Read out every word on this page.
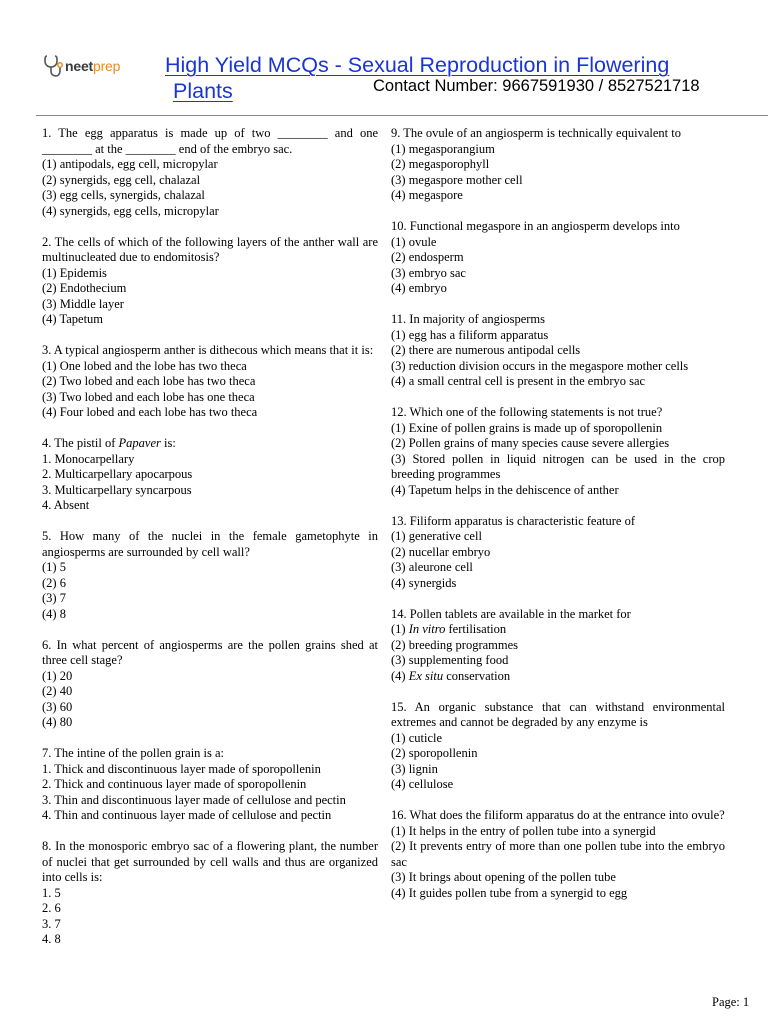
neet prep High Yield MCQs - Sexual Reproduction in Flowering
Plants	Contact Number: 9667591930 / 8527521718
1. The egg apparatus is made up of two ________ and one ________ at the ________ end of the embryo sac.
(1) antipodals, egg cell, micropylar
(2) synergids, egg cell, chalazal
(3) egg cells, synergids, chalazal
(4) synergids, egg cells, micropylar
2. The cells of which of the following layers of the anther wall are multinucleated due to endomitosis?
(1) Epidemis
(2) Endothecium
(3) Middle layer
(4) Tapetum
3. A typical angiosperm anther is dithecous which means that it is:
(1) One lobed and the lobe has two theca
(2) Two lobed and each lobe has two theca
(3) Two lobed and each lobe has one theca
(4) Four lobed and each lobe has two theca
4. The pistil of Papaver is:
1. Monocarpellary
2. Multicarpellary apocarpous
3. Multicarpellary syncarpous
4. Absent
5. How many of the nuclei in the female gametophyte in angiosperms are surrounded by cell wall?
(1) 5
(2) 6
(3) 7
(4) 8
6. In what percent of angiosperms are the pollen grains shed at three cell stage?
(1) 20
(2) 40
(3) 60
(4) 80
7. The intine of the pollen grain is a:
1. Thick and discontinuous layer made of sporopollenin
2. Thick and continuous layer made of sporopollenin
3. Thin and discontinuous layer made of cellulose and pectin
4. Thin and continuous layer made of cellulose and pectin
8. In the monosporic embryo sac of a flowering plant, the number of nuclei that get surrounded by cell walls and thus are organized into cells is:
1. 5
2. 6
3. 7
4. 8
9. The ovule of an angiosperm is technically equivalent to
(1) megasporangium
(2) megasporophyll
(3) megaspore mother cell
(4) megaspore
10. Functional megaspore in an angiosperm develops into
(1) ovule
(2) endosperm
(3) embryo sac
(4) embryo
11. In majority of angiosperms
(1) egg has a filiform apparatus
(2) there are numerous antipodal cells
(3) reduction division occurs in the megaspore mother cells
(4) a small central cell is present in the embryo sac
12. Which one of the following statements is not true?
(1) Exine of pollen grains is made up of sporopollenin
(2) Pollen grains of many species cause severe allergies
(3) Stored pollen in liquid nitrogen can be used in the crop breeding programmes
(4) Tapetum helps in the dehiscence of anther
13. Filiform apparatus is characteristic feature of
(1) generative cell
(2) nucellar embryo
(3) aleurone cell
(4) synergids
14. Pollen tablets are available in the market for
(1) In vitro fertilisation
(2) breeding programmes
(3) supplementing food
(4) Ex situ conservation
15. An organic substance that can withstand environmental extremes and cannot be degraded by any enzyme is
(1) cuticle
(2) sporopollenin
(3) lignin
(4) cellulose
16. What does the filiform apparatus do at the entrance into ovule?
(1) It helps in the entry of pollen tube into a synergid
(2) It prevents entry of more than one pollen tube into the embryo sac
(3) It brings about opening of the pollen tube
(4) It guides pollen tube from a synergid to egg
Page: 1
